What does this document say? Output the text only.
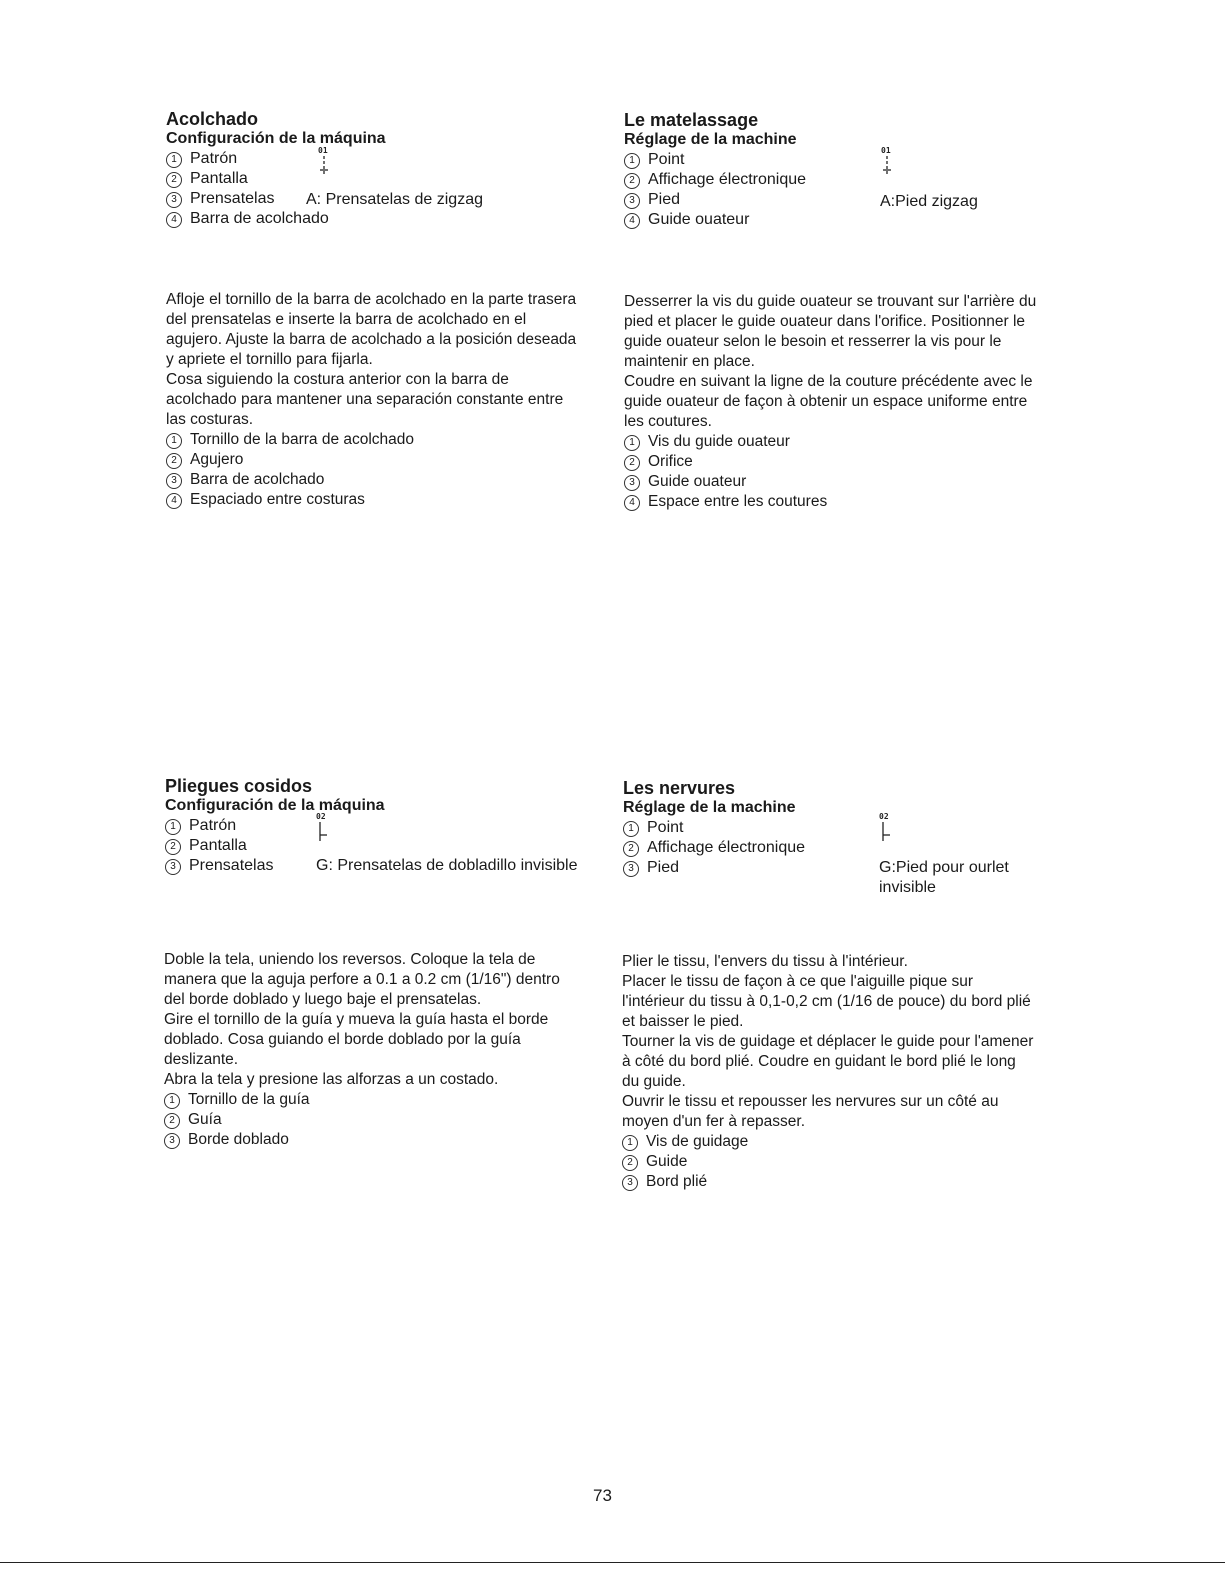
Acolchado
Configuración de la máquina
1 Patrón
2 Pantalla
3 Prensatelas
4 Barra de acolchado
01
A: Prensatelas de zigzag

Afloje el tornillo de la barra de acolchado en la parte trasera

del prensatelas e inserte la barra de acolchado en el

agujero. Ajuste la barra de acolchado a la posición deseada

y apriete el tornillo para fijarla.

Cosa siguiendo la costura anterior con la barra de

acolchado para mantener una separación constante entre

las costuras.

1 Tornillo de la barra de acolchado
2 Agujero
3 Barra de acolchado
4 Espaciado entre costuras
Le matelassage
Réglage de la machine
1 Point
2 Affichage électronique
3 Pied
4 Guide ouateur
01
A:Pied zigzag

Desserrer la vis du guide ouateur se trouvant sur l'arrière du

pied et placer le guide ouateur dans l'orifice. Positionner le

guide ouateur selon le besoin et resserrer la vis pour le

maintenir en place.

Coudre en suivant la ligne de la couture précédente avec le

guide ouateur de façon à obtenir un espace uniforme entre

les coutures.

1 Vis du guide ouateur
2 Orifice
3 Guide ouateur
4 Espace entre les coutures
Pliegues cosidos
Configuración de la máquina
1 Patrón
2 Pantalla
3 Prensatelas
02
G: Prensatelas de dobladillo invisible

Doble la tela, uniendo los reversos. Coloque la tela de

manera que la aguja perfore a 0.1 a 0.2 cm (1/16") dentro

del borde doblado y luego baje el prensatelas.

Gire el tornillo de la guía y mueva la guía hasta el borde

doblado. Cosa guiando el borde doblado por la guía

deslizante.

Abra la tela y presione las alforzas a un costado.

1 Tornillo de la guía
2 Guía
3 Borde doblado
Les nervures
Réglage de la machine
1 Point
2 Affichage électronique
3 Pied
02
G:Pied pour ourlet
invisible

Plier le tissu, l'envers du tissu à l'intérieur.

Placer le tissu de façon à ce que l'aiguille pique sur

l'intérieur du tissu à 0,1-0,2 cm (1/16 de pouce) du bord plié

et baisser le pied.

Tourner la vis de guidage et déplacer le guide pour l'amener

à côté du bord plié. Coudre en guidant le bord plié le long

du guide.

Ouvrir le tissu et repousser les nervures sur un côté au

moyen d'un fer à repasser.

1 Vis de guidage
2 Guide
3 Bord plié
73
